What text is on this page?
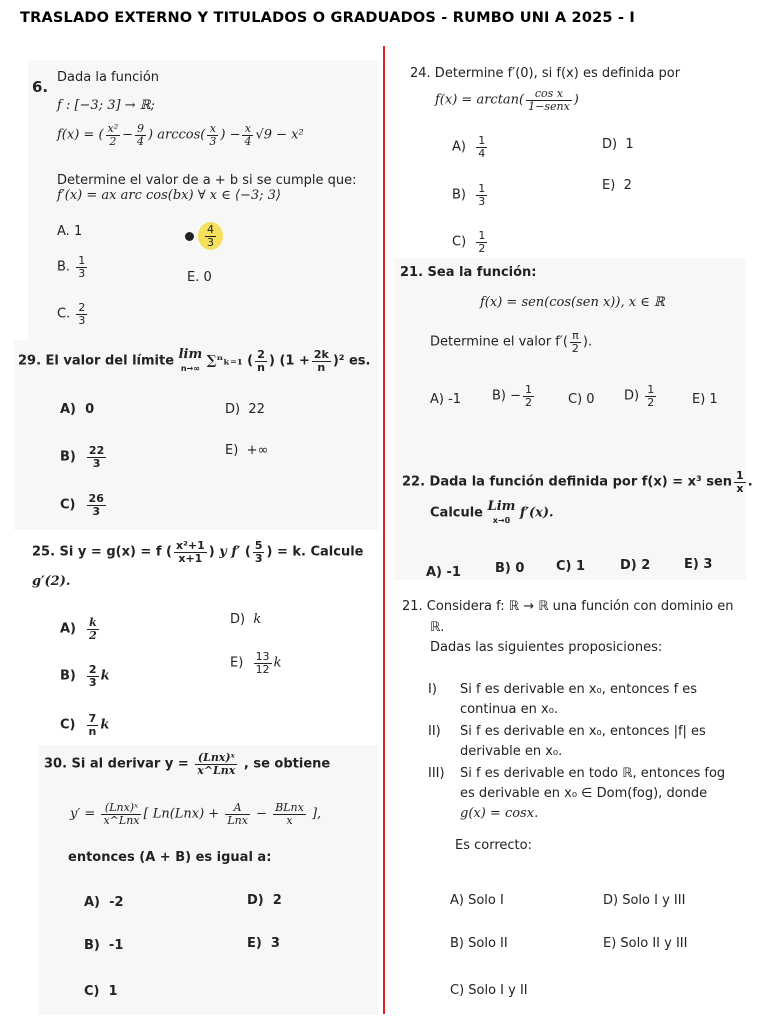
TRASLADO EXTERNO Y TITULADOS O GRADUADOS - RUMBO UNI A 2025 - I
6.
Dada la función
f : [−3; 3] → ℝ;
f(x) = ( $\frac{\text{x²}}{2} - \frac{9}{4}$ ) $\arccos( \frac{x}{3}$ ) − $\frac{x}{4} √9 - x^2$
Determine el valor de a + b si se cumple que:
f′(x) = ax arc cos(bx) ∀ x ∈ ⟨−3; 3⟩
A. 1
B. $\frac{1}{3}$
C. $\frac{2}{3}$
$\frac{4}{3}$
E. 0
29. El valor del límite lim
n→∞ ∑ⁿₖ₌₁ ( $\frac{2}{n}$ ) $(1 + \frac{2k}{n} )^2$ es.
A) 0
$B) \frac{22}{3}$
$C) \frac{26}{3}$
D) 22
E) +∞
25. Si y = g(x) = f ( $\frac{\text{x²+1}}{x+1}$ ) y f′ ( $\frac{5}{3}$ ) = k. Calcule
g′(2).
$A) \frac{k}{2}$
$B) \frac{2}{3}$ k
$C) \frac{7}{n}$ k
D) k
$E) \frac{13}{12}$ k
30. Si al derivar $y = \frac{\text{(Lnx)ˣ}}{\text{x\textasciicircum{}Lnx}}$ , se obtiene
$y' = \frac{\text{(Lnx)ˣ}}{\text{x\textasciicircum{}Lnx}}$ [ $Ln(Lnx) + \frac{A}{\text{Lnx}} - \frac{\text{BLnx}}{x}$ ],
entonces (A + B) es igual a:
A) -2
B) -1
C) 1
D) 2
E) 3
24. Determine f′(0), si f(x) es definida por
$f(x) = \arctan( \frac{\text{cos x}}{\text{1−senx}}$ )
$A) \frac{1}{4}$
$B) \frac{1}{3}$
$C) \frac{1}{2}$
D) 1
E) 2
21. Sea la función:
f(x) = sen(cos(sen x)), x ∈ ℝ
Determine el valor $f'( \frac{\pi}{2}$ ).
A) -1 $B) - \frac{1}{2}$	C) 0 $D) \frac{1}{2}$	E) 1
22. Dada la función definida por f(x) = x³ sen $\frac{1}{x}$ .
Calcule Lim
x→0 f′(x).
A) -1	B) 0 C) 1	D) 2	E) 3
21. Considera f: ℝ → ℝ una función con dominio en
ℝ.
Dadas las siguientes proposiciones:
I) Si f es derivable en x₀, entonces f es
continua en x₀.
II) Si f es derivable en x₀, entonces |f| es
derivable en x₀.
III) Si f es derivable en todo ℝ, entonces fog
es derivable en x₀ ∈ Dom(fog), donde
g(x) = cosx.
Es correcto:
A) Solo I
B) Solo II
C) Solo I y II
D) Solo I y III
E) Solo II y III
